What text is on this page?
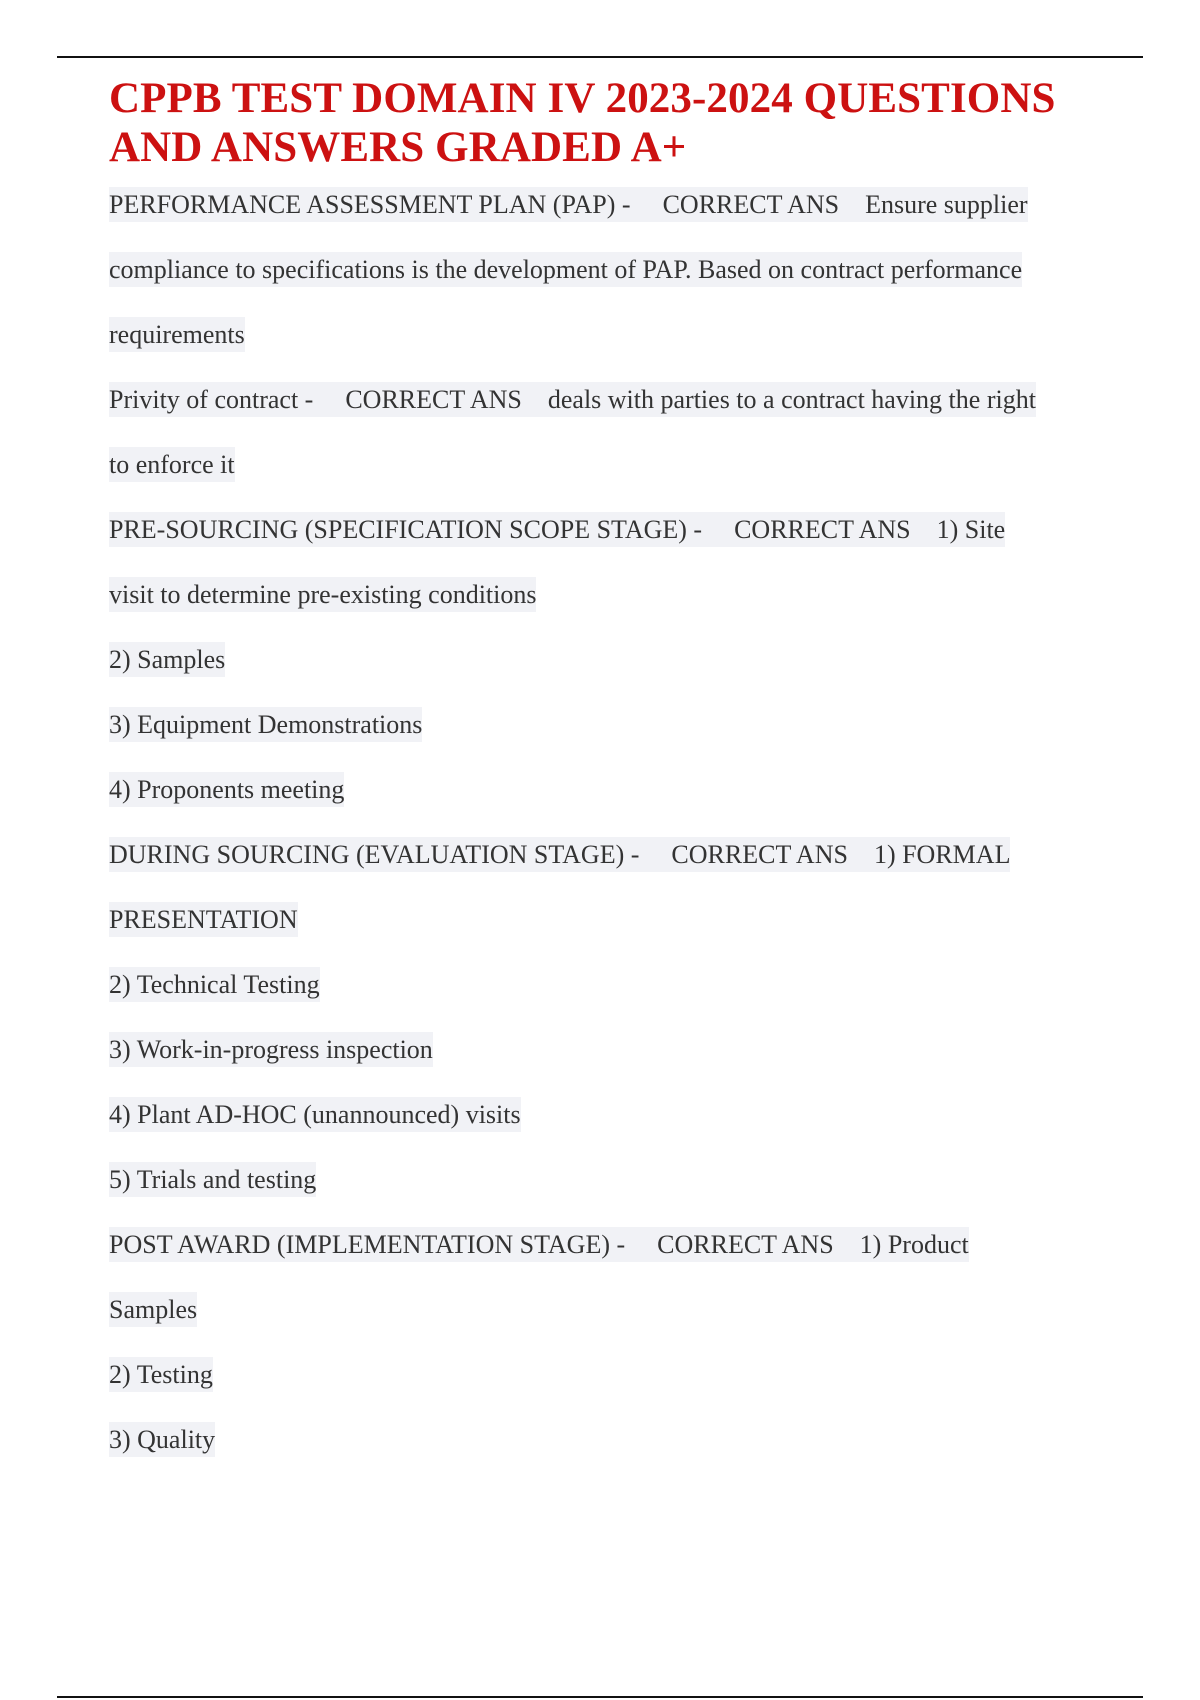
CPPB TEST DOMAIN IV 2023-2024 QUESTIONS
AND ANSWERS GRADED A+
PERFORMANCE ASSESSMENT PLAN (PAP) - CORRECT ANS Ensure supplier
compliance to specifications is the development of PAP. Based on contract performance
requirements
Privity of contract - CORRECT ANS deals with parties to a contract having the right
to enforce it
PRE-SOURCING (SPECIFICATION SCOPE STAGE) - CORRECT ANS 1) Site
visit to determine pre-existing conditions
2) Samples
3) Equipment Demonstrations
4) Proponents meeting
DURING SOURCING (EVALUATION STAGE) - CORRECT ANS 1) FORMAL
PRESENTATION
2) Technical Testing
3) Work-in-progress inspection
4) Plant AD-HOC (unannounced) visits
5) Trials and testing
POST AWARD (IMPLEMENTATION STAGE) - CORRECT ANS 1) Product
Samples
2) Testing
3) Quality
